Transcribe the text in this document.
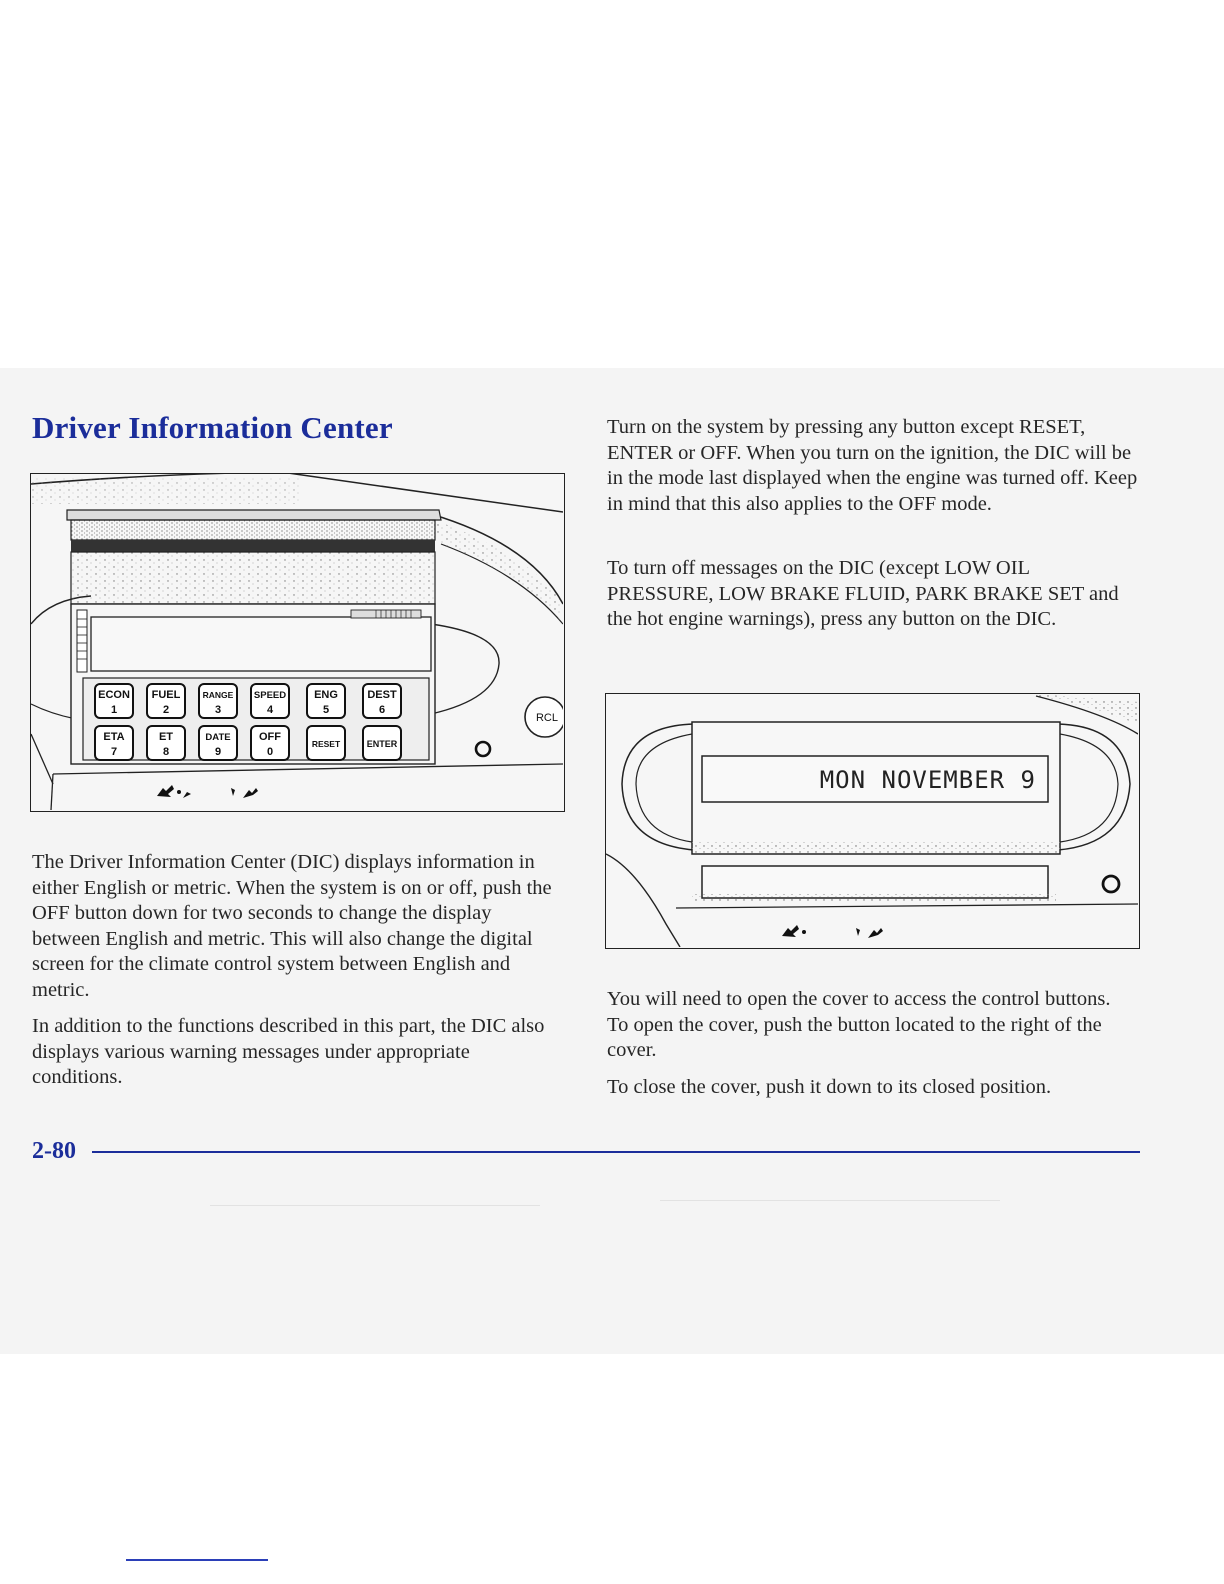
Driver Information Center
ECON
1
FUEL
2
RANGE
3
SPEED
4
ENG
5
DEST
6
ETA
7
ET
8
DATE
9
OFF
0
RESET	ENTER
RCL
MON NOVEMBER 9

The Driver Information Center (DIC) displays information in either English or metric. When the system is on or off, push the OFF button down for two seconds to change the display between English and metric. This will also change the digital screen for the climate control system between English and metric.

In addition to the functions described in this part, the DIC also displays various warning messages under appropriate conditions.

Turn on the system by pressing any button except RESET, ENTER or OFF. When you turn on the ignition, the DIC will be in the mode last displayed when the engine was turned off. Keep in mind that this also applies to the OFF mode.

To turn off messages on the DIC (except LOW OIL PRESSURE, LOW BRAKE FLUID, PARK BRAKE SET and the hot engine warnings), press any button on the DIC.

You will need to open the cover to access the control buttons. To open the cover, push the button located to the right of the cover.

To close the cover, push it down to its closed position.

2-80
